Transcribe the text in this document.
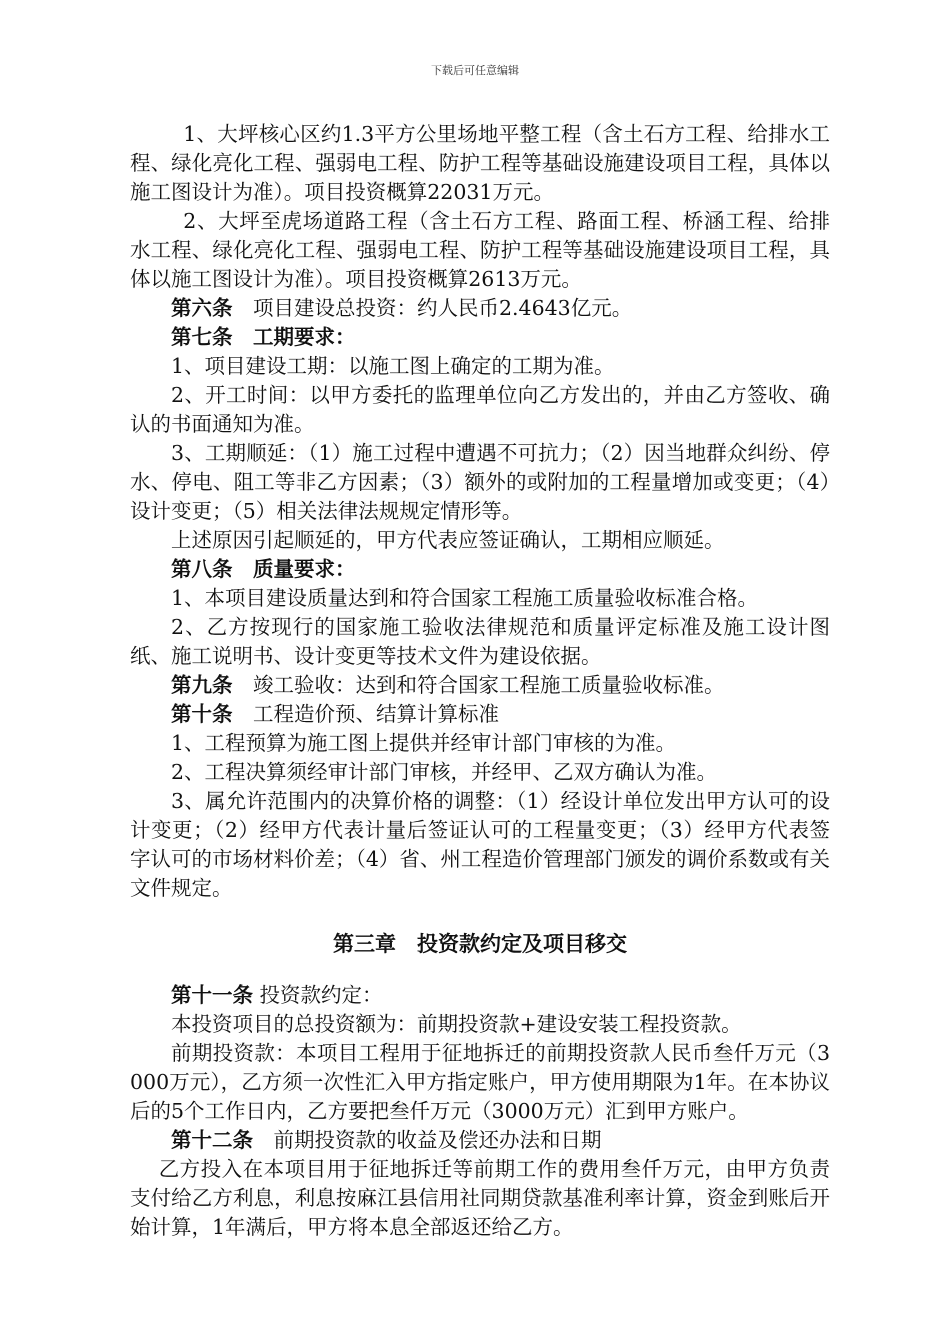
下载后可任意编辑

1、大坪核心区约1.3平方公里场地平整工程（含土石方工程、给排水工程、绿化亮化工程、强弱电工程、防护工程等基础设施建设项目工程，具体以施工图设计为准）。项目投资概算22031万元。

2、大坪至虎场道路工程（含土石方工程、路面工程、桥涵工程、给排水工程、绿化亮化工程、强弱电工程、防护工程等基础设施建设项目工程，具体以施工图设计为准）。项目投资概算2613万元。

第六条　 项目建设总投资：约人民币2.4643亿元。

第七条　 工期要求：

1、项目建设工期：以施工图上确定的工期为准。

2、开工时间：以甲方委托的监理单位向乙方发出的，并由乙方签收、确认的书面通知为准。

3、工期顺延：（1）施工过程中遭遇不可抗力；（2）因当地群众纠纷、停水、停电、阻工等非乙方因素；（3）额外的或附加的工程量增加或变更；（4）设计变更；（5）相关法律法规规定情形等。

上述原因引起顺延的，甲方代表应签证确认，工期相应顺延。

第八条　 质量要求：

1、本项目建设质量达到和符合国家工程施工质量验收标准合格。

2、乙方按现行的国家施工验收法律规范和质量评定标准及施工设计图纸、施工说明书、设计变更等技术文件为建设依据。

第九条　 竣工验收：达到和符合国家工程施工质量验收标准。

第十条　 工程造价预、结算计算标准

1、工程预算为施工图上提供并经审计部门审核的为准。

2、工程决算须经审计部门审核，并经甲、乙双方确认为准。

3、属允许范围内的决算价格的调整：（1）经设计单位发出甲方认可的设计变更；（2）经甲方代表计量后签证认可的工程量变更；（3）经甲方代表签字认可的市场材料价差；（4）省、州工程造价管理部门颁发的调价系数或有关文件规定。

第三章　投资款约定及项目移交

第十一条 投资款约定：

本投资项目的总投资额为：前期投资款+建设安装工程投资款。

前期投资款：本项目工程用于征地拆迁的前期投资款人民币叁仟万元（3000万元），乙方须一次性汇入甲方指定账户，甲方使用期限为1年。在本协议后的5个工作日内，乙方要把叁仟万元（3000万元）汇到甲方账户。

第十二条　 前期投资款的收益及偿还办法和日期

乙方投入在本项目用于征地拆迁等前期工作的费用叁仟万元，由甲方负责支付给乙方利息，利息按麻江县信用社同期贷款基准利率计算，资金到账后开始计算，1年满后，甲方将本息全部返还给乙方。
